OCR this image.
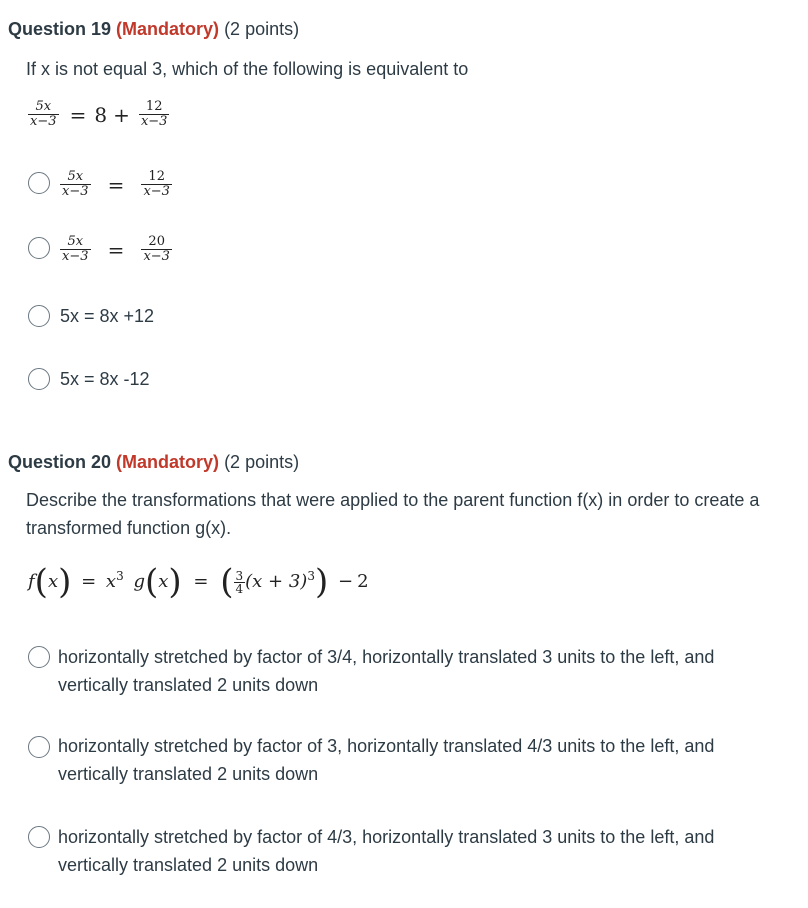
Question 19 (Mandatory) (2 points)
If x is not equal 3, which of the following is equivalent to
$\frac{5x}{x-3} = 8 + \frac{12}{x-3}$
$\frac{5x}{x-3} = \frac{12}{x-3}$
$\frac{5x}{x-3} = \frac{20}{x-3}$
5x = 8x +12
5x = 8x -12
Question 20 (Mandatory) (2 points)
Describe the transformations that were applied to the parent function f(x) in order to create a transformed function g(x).
$f(x) = x^3$ g(x) = ( $\frac{3}{4} (x + 3)^3) - 2$
horizontally stretched by factor of 3/4, horizontally translated 3 units to the left, and vertically translated 2 units down
horizontally stretched by factor of 3, horizontally translated 4/3 units to the left, and vertically translated 2 units down
horizontally stretched by factor of 4/3, horizontally translated 3 units to the left, and vertically translated 2 units down
